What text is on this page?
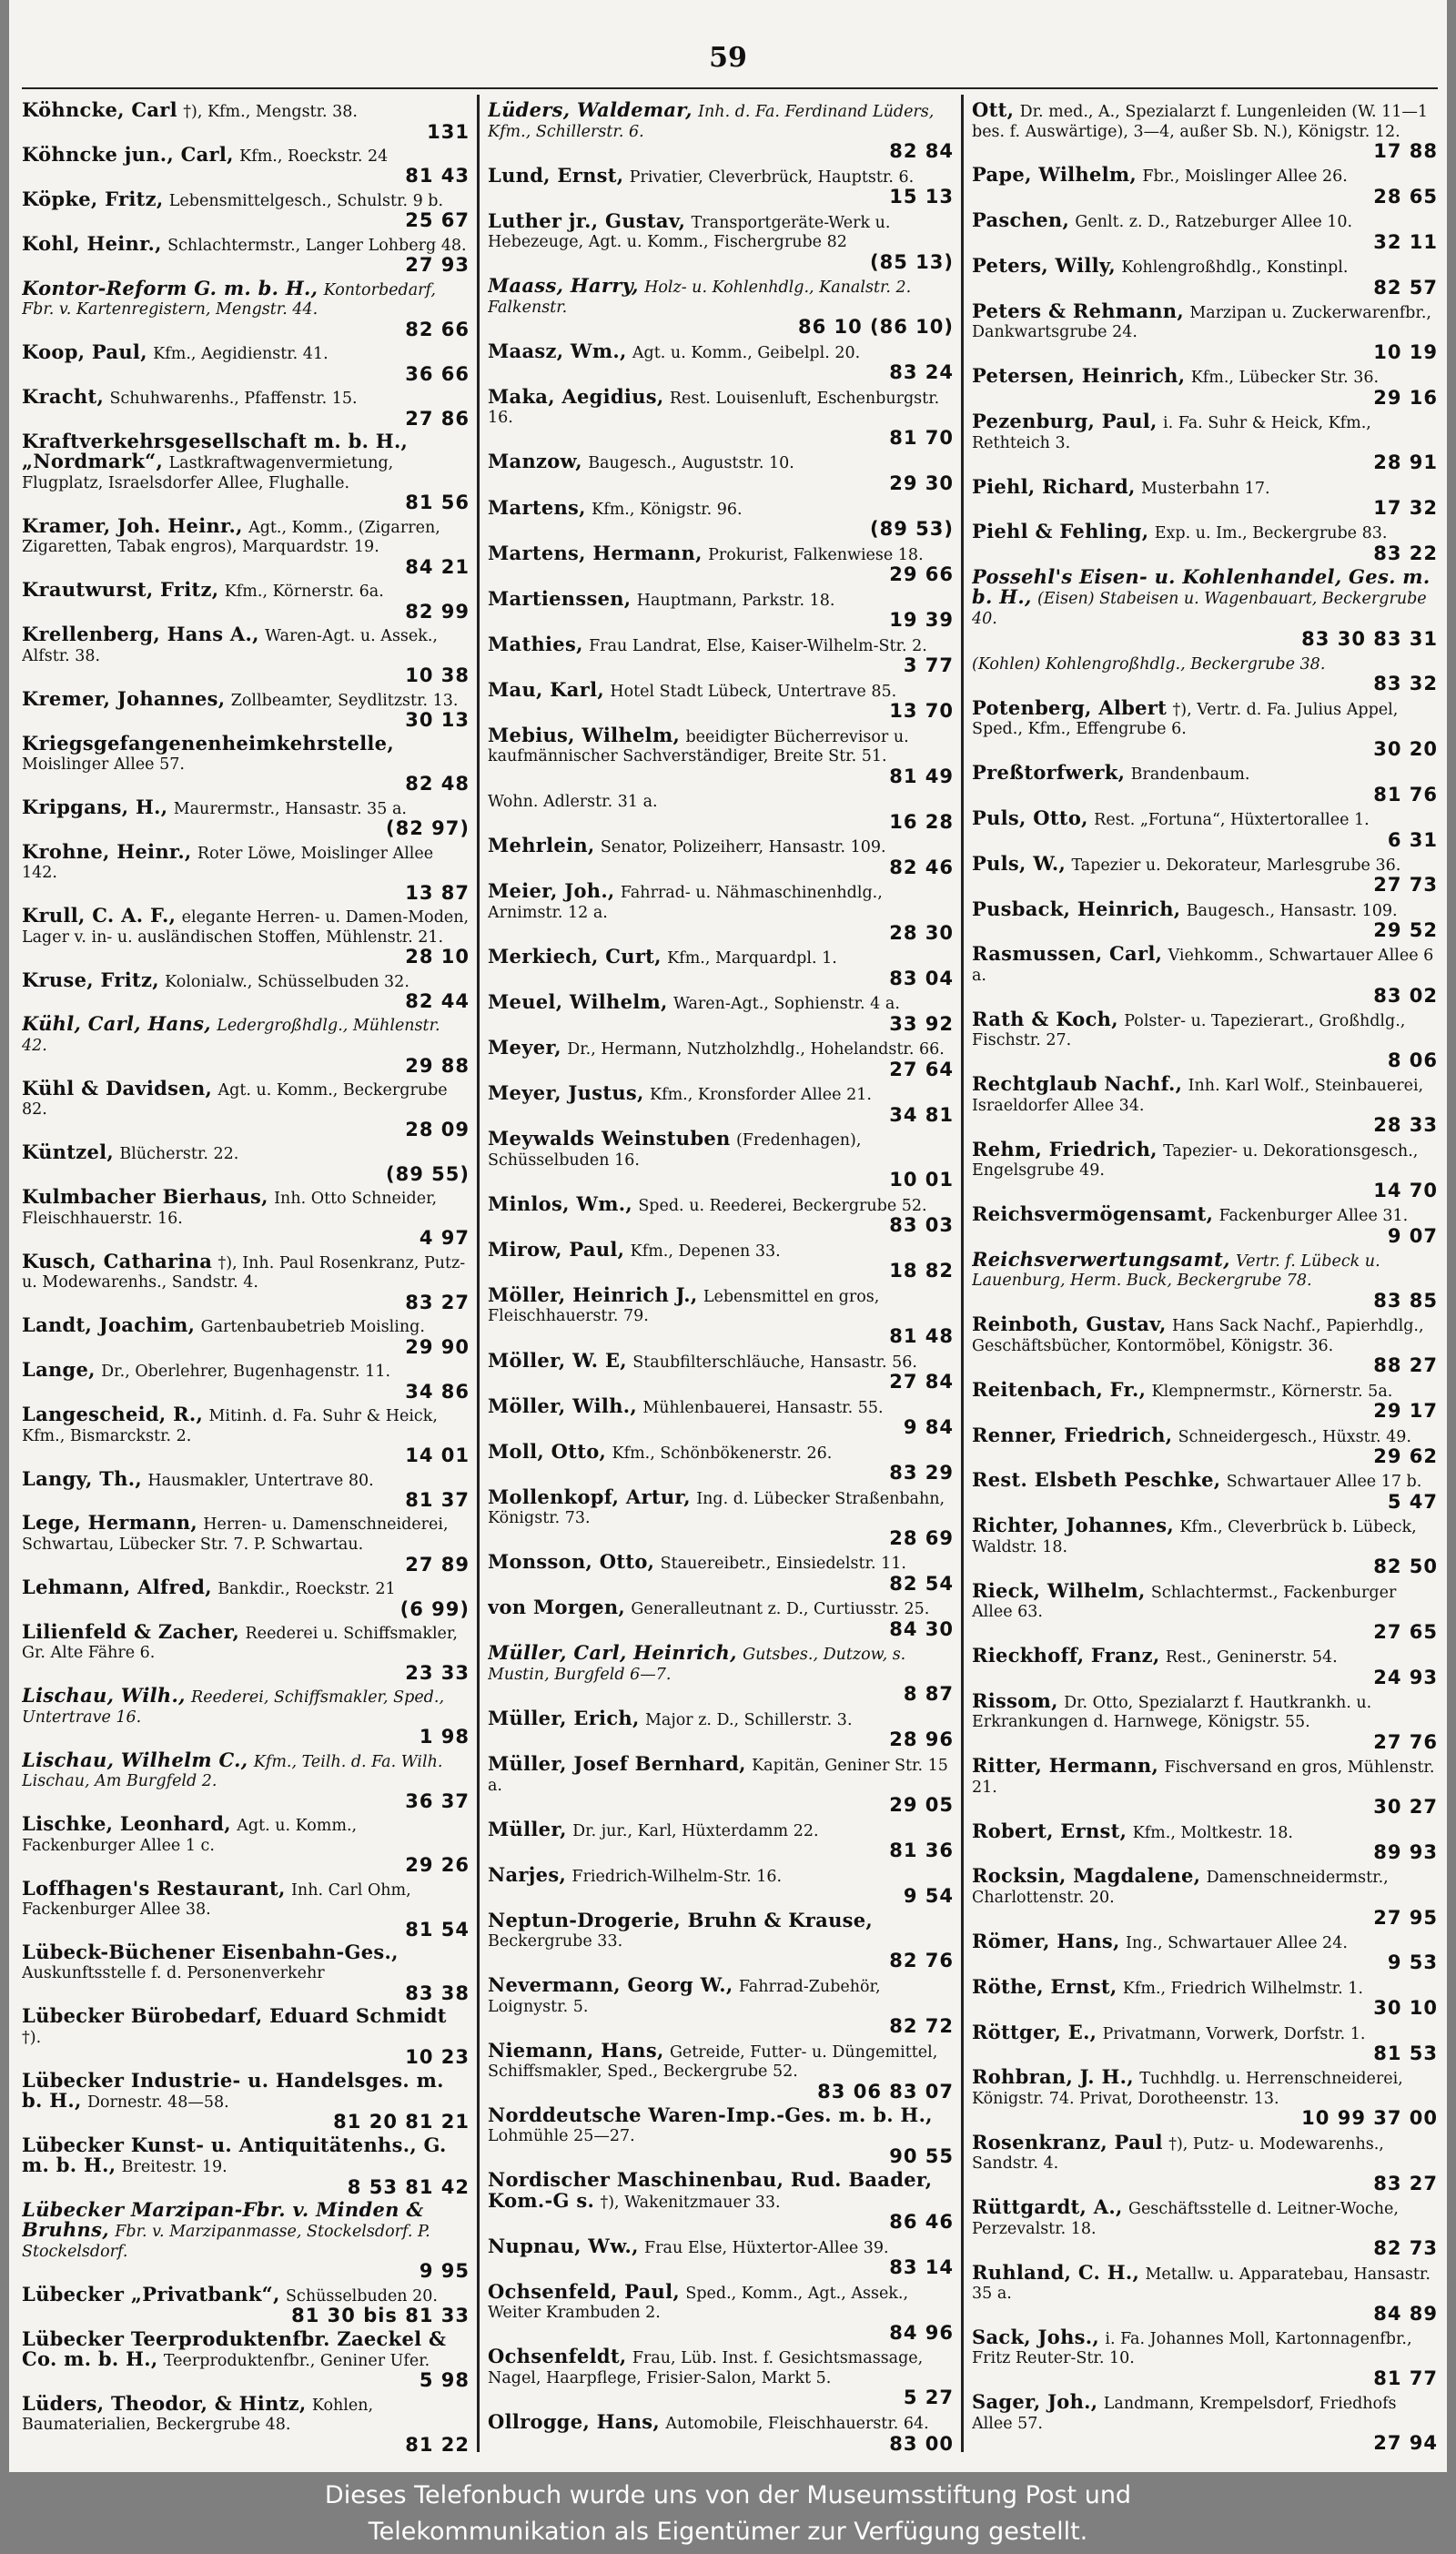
59
Köhncke, Carl †), Kfm., Mengstr. 38.
131
Köhncke jun., Carl, Kfm., Roeckstr. 24
81 43
Köpke, Fritz, Lebensmittelgesch., Schulstr. 9 b.
25 67
Kohl, Heinr., Schlachtermstr., Langer Lohberg 48.
27 93
Kontor-Reform G. m. b. H., Kontorbedarf, Fbr. v. Kartenregistern, Mengstr. 44.
82 66
Koop, Paul, Kfm., Aegidienstr. 41.
36 66
Kracht, Schuhwarenhs., Pfaffenstr. 15.
27 86
Kraftverkehrsgesellschaft m. b. H., „Nordmark“, Lastkraftwagenvermietung, Flugplatz, Israelsdorfer Allee, Flughalle.
81 56
Kramer, Joh. Heinr., Agt., Komm., (Zigarren, Zigaretten, Tabak engros), Marquardstr. 19.
84 21
Krautwurst, Fritz, Kfm., Körnerstr. 6a.
82 99
Krellenberg, Hans A., Waren-Agt. u. Assek., Alfstr. 38.
10 38
Kremer, Johannes, Zollbeamter, Seydlitzstr. 13.
30 13
Kriegsgefangenenheimkehrstelle, Moislinger Allee 57.
82 48
Kripgans, H., Maurermstr., Hansastr. 35 a.
(82 97)
Krohne, Heinr., Roter Löwe, Moislinger Allee 142.
13 87
Krull, C. A. F., elegante Herren- u. Damen-Moden, Lager v. in- u. ausländischen Stoffen, Mühlenstr. 21.
28 10
Kruse, Fritz, Kolonialw., Schüsselbuden 32.
82 44
Kühl, Carl, Hans, Ledergroßhdlg., Mühlenstr. 42.
29 88
Kühl & Davidsen, Agt. u. Komm., Beckergrube 82.
28 09
Küntzel, Blücherstr. 22.
(89 55)
Kulmbacher Bierhaus, Inh. Otto Schneider, Fleischhauerstr. 16.
4 97
Kusch, Catharina †), Inh. Paul Rosenkranz, Putz- u. Modewarenhs., Sandstr. 4.
83 27
Landt, Joachim, Gartenbaubetrieb Moisling.
29 90
Lange, Dr., Oberlehrer, Bugenhagenstr. 11.
34 86
Langescheid, R., Mitinh. d. Fa. Suhr & Heick, Kfm., Bismarckstr. 2.
14 01
Langy, Th., Hausmakler, Untertrave 80.
81 37
Lege, Hermann, Herren- u. Damenschneiderei, Schwartau, Lübecker Str. 7. P. Schwartau.
27 89
Lehmann, Alfred, Bankdir., Roeckstr. 21
(6 99)
Lilienfeld & Zacher, Reederei u. Schiffsmakler, Gr. Alte Fähre 6.
23 33
Lischau, Wilh., Reederei, Schiffsmakler, Sped., Untertrave 16.
1 98
Lischau, Wilhelm C., Kfm., Teilh. d. Fa. Wilh. Lischau, Am Burgfeld 2.
36 37
Lischke, Leonhard, Agt. u. Komm., Fackenburger Allee 1 c.
29 26
Loffhagen's Restaurant, Inh. Carl Ohm, Fackenburger Allee 38.
81 54
Lübeck-Büchener Eisenbahn-Ges., Auskunftsstelle f. d. Personenverkehr
83 38
Lübecker Bürobedarf, Eduard Schmidt †).
10 23
Lübecker Industrie- u. Handelsges. m. b. H., Dornestr. 48—58.
81 20 81 21
Lübecker Kunst- u. Antiquitätenhs., G. m. b. H., Breitestr. 19.
8 53 81 42
Lübecker Marzipan-Fbr. v. Minden & Bruhns, Fbr. v. Marzipanmasse, Stockelsdorf. P. Stockelsdorf.
9 95
Lübecker „Privatbank“, Schüsselbuden 20.
81 30 bis 81 33
Lübecker Teerproduktenfbr. Zaeckel & Co. m. b. H., Teerproduktenfbr., Geniner Ufer.
5 98
Lüders, Theodor, & Hintz, Kohlen, Baumaterialien, Beckergrube 48.
81 22
Lüders, Waldemar, Inh. d. Fa. Ferdinand Lüders, Kfm., Schillerstr. 6.
82 84
Lund, Ernst, Privatier, Cleverbrück, Hauptstr. 6.
15 13
Luther jr., Gustav, Transportgeräte-Werk u. Hebezeuge, Agt. u. Komm., Fischergrube 82
(85 13)
Maass, Harry, Holz- u. Kohlenhdlg., Kanalstr. 2. Falkenstr.
86 10 (86 10)
Maasz, Wm., Agt. u. Komm., Geibelpl. 20.
83 24
Maka, Aegidius, Rest. Louisenluft, Eschenburgstr. 16.
81 70
Manzow, Baugesch., Auguststr. 10.
29 30
Martens, Kfm., Königstr. 96.
(89 53)
Martens, Hermann, Prokurist, Falkenwiese 18.
29 66
Martienssen, Hauptmann, Parkstr. 18.
19 39
Mathies, Frau Landrat, Else, Kaiser-Wilhelm-Str. 2.
3 77
Mau, Karl, Hotel Stadt Lübeck, Untertrave 85.
13 70
Mebius, Wilhelm, beeidigter Bücherrevisor u. kaufmännischer Sachverständiger, Breite Str. 51.
81 49
Wohn. Adlerstr. 31 a.
16 28
Mehrlein, Senator, Polizeiherr, Hansastr. 109.
82 46
Meier, Joh., Fahrrad- u. Nähmaschinenhdlg., Arnimstr. 12 a.
28 30
Merkiech, Curt, Kfm., Marquardpl. 1.
83 04
Meuel, Wilhelm, Waren-Agt., Sophienstr. 4 a.
33 92
Meyer, Dr., Hermann, Nutzholzhdlg., Hohelandstr. 66.
27 64
Meyer, Justus, Kfm., Kronsforder Allee 21.
34 81
Meywalds Weinstuben (Fredenhagen), Schüsselbuden 16.
10 01
Minlos, Wm., Sped. u. Reederei, Beckergrube 52.
83 03
Mirow, Paul, Kfm., Depenen 33.
18 82
Möller, Heinrich J., Lebensmittel en gros, Fleischhauerstr. 79.
81 48
Möller, W. E, Staubfilterschläuche, Hansastr. 56.
27 84
Möller, Wilh., Mühlenbauerei, Hansastr. 55.
9 84
Moll, Otto, Kfm., Schönbökenerstr. 26.
83 29
Mollenkopf, Artur, Ing. d. Lübecker Straßenbahn, Königstr. 73.
28 69
Monsson, Otto, Stauereibetr., Einsiedelstr. 11.
82 54
von Morgen, Generalleutnant z. D., Curtiusstr. 25.
84 30
Müller, Carl, Heinrich, Gutsbes., Dutzow, s. Mustin, Burgfeld 6—7.
8 87
Müller, Erich, Major z. D., Schillerstr. 3.
28 96
Müller, Josef Bernhard, Kapitän, Geniner Str. 15 a.
29 05
Müller, Dr. jur., Karl, Hüxterdamm 22.
81 36
Narjes, Friedrich-Wilhelm-Str. 16.
9 54
Neptun-Drogerie, Bruhn & Krause, Beckergrube 33.
82 76
Nevermann, Georg W., Fahrrad-Zubehör, Loignystr. 5.
82 72
Niemann, Hans, Getreide, Futter- u. Düngemittel, Schiffsmakler, Sped., Beckergrube 52.
83 06 83 07
Norddeutsche Waren-Imp.-Ges. m. b. H., Lohmühle 25—27.
90 55
Nordischer Maschinenbau, Rud. Baader, Kom.-G s. †), Wakenitzmauer 33.
86 46
Nupnau, Ww., Frau Else, Hüxtertor-Allee 39.
83 14
Ochsenfeld, Paul, Sped., Komm., Agt., Assek., Weiter Krambuden 2.
84 96
Ochsenfeldt, Frau, Lüb. Inst. f. Gesichtsmassage, Nagel, Haarpflege, Frisier-Salon, Markt 5.
5 27
Ollrogge, Hans, Automobile, Fleischhauerstr. 64.
83 00
Ott, Dr. med., A., Spezialarzt f. Lungenleiden (W. 11—1 bes. f. Auswärtige), 3—4, außer Sb. N.), Königstr. 12.
17 88
Pape, Wilhelm, Fbr., Moislinger Allee 26.
28 65
Paschen, Genlt. z. D., Ratzeburger Allee 10.
32 11
Peters, Willy, Kohlengroßhdlg., Konstinpl.
82 57
Peters & Rehmann, Marzipan u. Zuckerwarenfbr., Dankwartsgrube 24.
10 19
Petersen, Heinrich, Kfm., Lübecker Str. 36.
29 16
Pezenburg, Paul, i. Fa. Suhr & Heick, Kfm., Rethteich 3.
28 91
Piehl, Richard, Musterbahn 17.
17 32
Piehl & Fehling, Exp. u. Im., Beckergrube 83.
83 22
Possehl's Eisen- u. Kohlenhandel, Ges. m. b. H., (Eisen) Stabeisen u. Wagenbauart, Beckergrube 40.
83 30 83 31
(Kohlen) Kohlengroßhdlg., Beckergrube 38.
83 32
Potenberg, Albert †), Vertr. d. Fa. Julius Appel, Sped., Kfm., Effengrube 6.
30 20
Preßtorfwerk, Brandenbaum.
81 76
Puls, Otto, Rest. „Fortuna“, Hüxtertorallee 1.
6 31
Puls, W., Tapezier u. Dekorateur, Marlesgrube 36.
27 73
Pusback, Heinrich, Baugesch., Hansastr. 109.
29 52
Rasmussen, Carl, Viehkomm., Schwartauer Allee 6 a.
83 02
Rath & Koch, Polster- u. Tapezierart., Großhdlg., Fischstr. 27.
8 06
Rechtglaub Nachf., Inh. Karl Wolf., Steinbauerei, Israeldorfer Allee 34.
28 33
Rehm, Friedrich, Tapezier- u. Dekorationsgesch., Engelsgrube 49.
14 70
Reichsvermögensamt, Fackenburger Allee 31.
9 07
Reichsverwertungsamt, Vertr. f. Lübeck u. Lauenburg, Herm. Buck, Beckergrube 78.
83 85
Reinboth, Gustav, Hans Sack Nachf., Papierhdlg., Geschäftsbücher, Kontormöbel, Königstr. 36.
88 27
Reitenbach, Fr., Klempnermstr., Körnerstr. 5a.
29 17
Renner, Friedrich, Schneidergesch., Hüxstr. 49.
29 62
Rest. Elsbeth Peschke, Schwartauer Allee 17 b.
5 47
Richter, Johannes, Kfm., Cleverbrück b. Lübeck, Waldstr. 18.
82 50
Rieck, Wilhelm, Schlachtermst., Fackenburger Allee 63.
27 65
Rieckhoff, Franz, Rest., Geninerstr. 54.
24 93
Rissom, Dr. Otto, Spezialarzt f. Hautkrankh. u. Erkrankungen d. Harnwege, Königstr. 55.
27 76
Ritter, Hermann, Fischversand en gros, Mühlenstr. 21.
30 27
Robert, Ernst, Kfm., Moltkestr. 18.
89 93
Rocksin, Magdalene, Damenschneidermstr., Charlottenstr. 20.
27 95
Römer, Hans, Ing., Schwartauer Allee 24.
9 53
Röthe, Ernst, Kfm., Friedrich Wilhelmstr. 1.
30 10
Röttger, E., Privatmann, Vorwerk, Dorfstr. 1.
81 53
Rohbran, J. H., Tuchhdlg. u. Herrenschneiderei, Königstr. 74. Privat, Dorotheenstr. 13.
10 99 37 00
Rosenkranz, Paul †), Putz- u. Modewarenhs., Sandstr. 4.
83 27
Rüttgardt, A., Geschäftsstelle d. Leitner-Woche, Perzevalstr. 18.
82 73
Ruhland, C. H., Metallw. u. Apparatebau, Hansastr. 35 a.
84 89
Sack, Johs., i. Fa. Johannes Moll, Kartonnagenfbr., Fritz Reuter-Str. 10.
81 77
Sager, Joh., Landmann, Krempelsdorf, Friedhofs Allee 57.
27 94
Dieses Telefonbuch wurde uns von der Museumsstiftung Post und
Telekommunikation als Eigentümer zur Verfügung gestellt.
